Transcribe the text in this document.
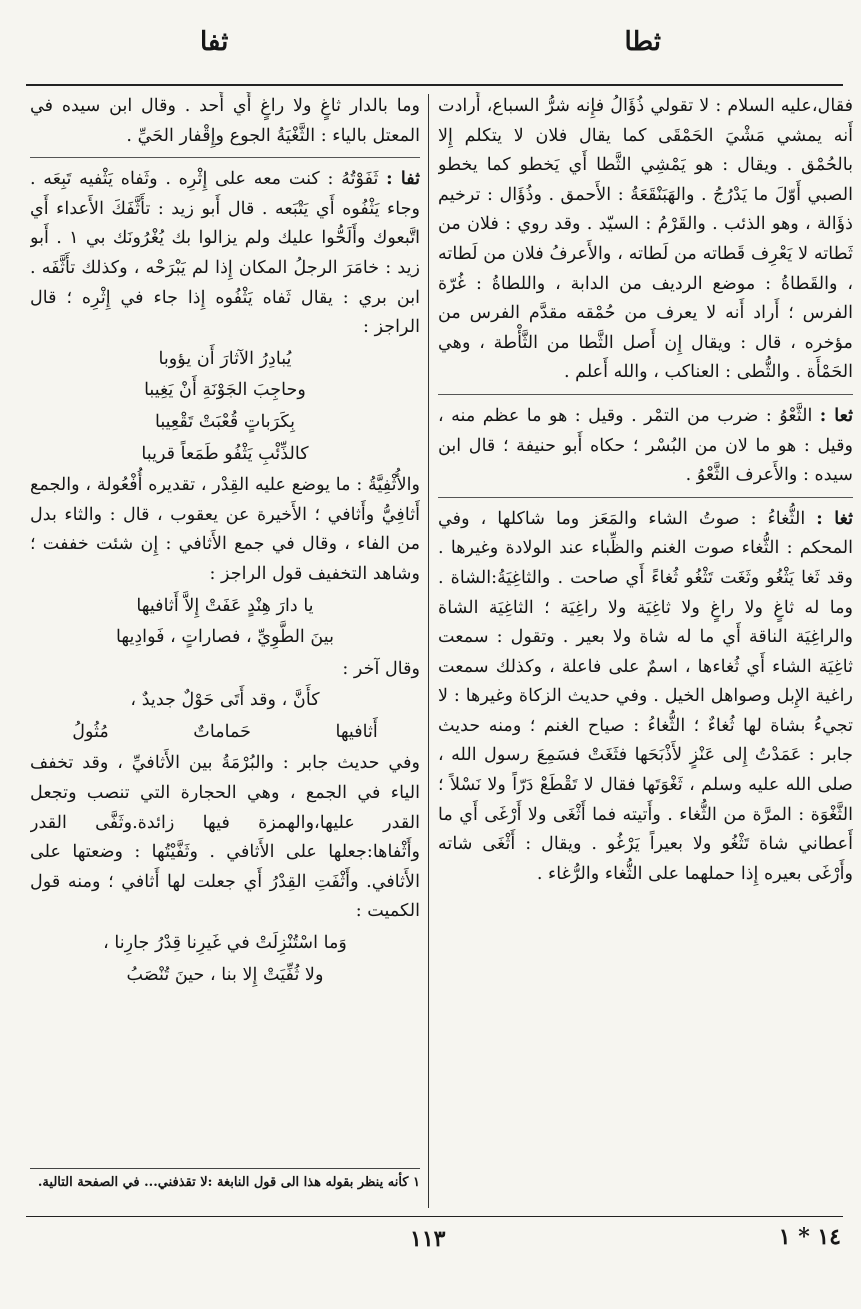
ثطا
ثفا

فقال،عليه السلام : لا تقولي ذُؤَالُ فإِنه شرُّ السباع، أَرادت أَنه يمشي مَشْيَ الحَمْقَى كما يقال فلان لا يتكلم إِلا بالحُمْق . ويقال : هو يَمْشِي الثَّطا أَي يَخطو كما يخطو الصبي أَوّلَ ما يَدْرُجُ . والهَبَنْقَعَةُ : الأَحمق . وذُؤَال : ترخيم ذؤَالة ، وهو الذئب . والقَرْمُ : السيّد . وقد روي : فلان من ثَطاته لا يَعْرِف قَطاته من لَطاته ، والأَعرفُ فلان من لَطاته ، والقَطاةُ : موضع الرديف من الدابة ، واللطاةُ : غُرّة الفرس ؛ أَراد أَنه لا يعرف من حُمْقه مقدَّم الفرس من مؤخره ، قال : ويقال إِن أَصل الثَّطا من الثَّأْطة ، وهي الحَمْأَة . والثُّطى : العناكب ، والله أَعلم .

ثعا : الثَّعْوُ : ضرب من التمْر . وقيل : هو ما عظم منه ، وقيل : هو ما لان من البُسْر ؛ حكاه أَبو حنيفة ؛ قال ابن سيده : والأَعرف الثَّعْوُ .

ثغا : الثُّغاءُ : صوتُ الشاء والمَعَز وما شاكلها ، وفي المحكم : الثُّغاء صوت الغنم والظِّباء عند الولادة وغيرها . وقد ثَغا يَثْغُو وثَغَت تَثْغُو ثُغاءً أَي صاحت . والثاغِيَةُ:الشاة . وما له ثاغٍ ولا راغٍ ولا ثاغِيَة ولا راغِيَة ؛ الثاغِيَة الشاة والراغِيَة الناقة أَي ما له شاة ولا بعير . وتقول : سمعت ثاغِيَة الشاء أَي ثُغاءها ، اسمٌ على فاعلة ، وكذلك سمعت راغية الإِبل وصواهل الخيل . وفي حديث الزكاة وغيرها : لا تجيءُ بشاة لها ثُغاءٌ ؛ الثُّغاءُ : صياح الغنم ؛ ومنه حديث جابر : عَمَدْتُ إِلى عَنْزٍ لأَذْبَحَها فثَغَتْ فسَمِعَ رسول الله ، صلى الله عليه وسلم ، ثَغْوَتَها فقال لا تَقْطَعْ دَرّاً ولا نَسْلاً ؛ الثَّغْوَة : المرَّة من الثُّغاء . وأَتيته فما أَثْغَى ولا أَرْغَى أَي ما أَعطاني شاة تَثْغُو ولا بعيراً يَرْغُو . ويقال : أَثْغَى شاته وأَرْغَى بعيره إِذا حملهما على الثُّغاء والرُّغاء .

وما بالدار ثاغٍ ولا راغٍ أَي أَحد . وقال ابن سيده في المعتل بالياء : الثَّغْيَةُ الجوع وإِقْفار الحَيِّ .

ثفا : ثَفَوْتُهُ : كنت معه على إِثْرِه . وثَفاه يَثْفيه تَبِعَه . وجاء يَثْفُوه أَي يَتْبَعه . قال أَبو زيد : تأَثَّفَكَ الأَعداء أَي اتَّبعوك وأَلَحُّوا عليك ولم يزالوا بك يُغْرُونَك بي ١ . أَبو زيد : خامَرَ الرجلُ المكان إِذا لم يَبْرَحْه ، وكذلك تأَثَّفَه . ابن بري : يقال ثَفاه يَثْفُوه إِذا جاء في إِثْرِه ؛ قال الراجز :

يُبادِرُ الآثارَ أَن يؤوبا
وحاجِبَ الجَوْنَةِ أَنْ يَغِيبا
بِكَرَباتٍ قُعْبَتْ تَقْعِيبا
كالذِّئْبِ يَثْفُو طَمَعاً قريبا

والأُثْفِيَّةُ : ما يوضع عليه القِدْر ، تقديره أُفْعُولة ، والجمع أَثافِيُّ وأَثافي ؛ الأَخيرة عن يعقوب ، قال : والثاء بدل من الفاء ، وقال في جمع الأَثافي : إِن شئت خففت ؛ وشاهد التخفيف قول الراجز :

يا دارَ هِنْدٍ عَفَتْ إِلاَّ أَثافيها
بينَ الطَّوِيِّ ، فصاراتٍ ، فَوادِيها

وقال آخر :

كأَنَّ ، وقد أَتَى حَوْلٌ جديدٌ ،
أَثافيها
حَماماتٌ
مُثُولُ

وفي حديث جابر : والبُرْمَةُ بين الأَثافيِّ ، وقد تخفف الياء في الجمع ، وهي الحجارة التي تنصب وتجعل القدر عليها،والهمزة فيها زائدة.وثَفَّى القدر وأَثْفاها:جعلها على الأَثافي . وثَفَّيْتُها : وضعتها على الأَثافي. وأَثْفَتِ القِدْرُ أَي جعلت لها أَثافي ؛ ومنه قول الكميت :

وَما اسْتُنْزِلَتْ في غَيرِنا قِدْرُ جارِنا ،
ولا ثُفِّيَتْ إِلا بنا ، حينَ تُنْصَبُ
١ كأنه ينظر بقوله هذا الى قول النابغة :لا تقذفني... في الصفحة التالية.
١١٣	١٤ * ١
